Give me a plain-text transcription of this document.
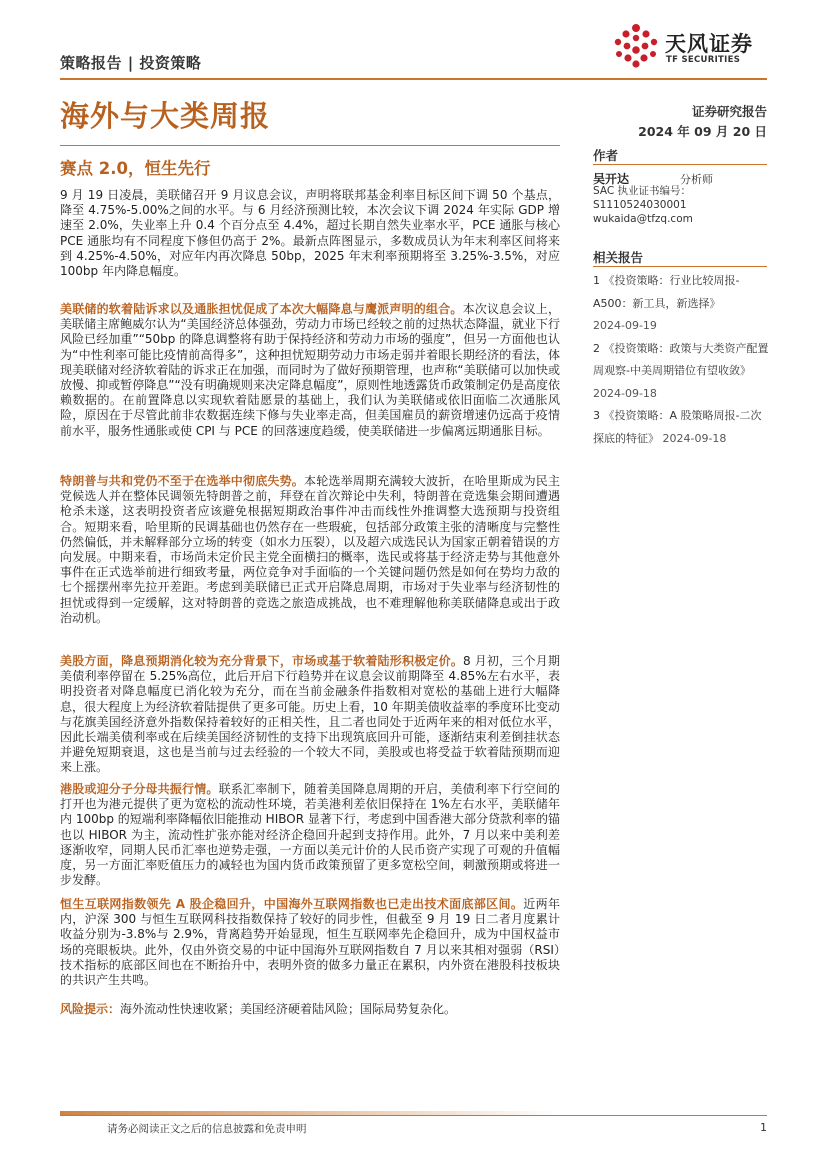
策略报告 | 投资策略
天风证券
TF SECURITIES
海外与大类周报	证券研究报告
2024 年 09 月 20 日
赛点 2.0，恒生先行
作者
吴开达	分析师
SAC 执业证书编号：
S1110524030001
wukaida@tfzq.com
相关报告

1 《投资策略：行业比较周报-A500：新工具，新选择》
2024-09-19

2 《投资策略：政策与大类资产配置周观察-中美周期错位有望收敛》  2024-09-18

3 《投资策略：A 股策略周报-二次探底的特征》 2024-09-18

9 月 19 日凌晨，美联储召开 9 月议息会议，声明将联邦基金利率目标区间下调 50 个基点，降至 4.75%-5.00%之间的水平。与 6 月经济预测比较，本次会议下调 2024 年实际 GDP 增速至 2.0%，失业率上升 0.4 个百分点至 4.4%，超过长期自然失业率水平，PCE 通胀与核心 PCE 通胀均有不同程度下修但仍高于 2%。最新点阵图显示，多数成员认为年末利率区间将来到 4.25%-4.50%，对应年内再次降息 50bp，2025 年末利率预期将至 3.25%-3.5%，对应 100bp 年内降息幅度。

美联储的软着陆诉求以及通胀担忧促成了本次大幅降息与鹰派声明的组合。本次议息会议上，美联储主席鲍威尔认为“美国经济总体强劲，劳动力市场已经较之前的过热状态降温，就业下行风险已经加重”“50bp 的降息调整将有助于保持经济和劳动力市场的强度”，但另一方面他也认为“中性利率可能比疫情前高得多”，这种担忧短期劳动力市场走弱并着眼长期经济的看法，体现美联储对经济软着陆的诉求正在加强，而同时为了做好预期管理，也声称“美联储可以加快或放慢、抑或暂停降息”“没有明确规则来决定降息幅度”，原则性地透露货币政策制定仍是高度依赖数据的。在前置降息以实现软着陆愿景的基础上，我们认为美联储或依旧面临二次通胀风险，原因在于尽管此前非农数据连续下修与失业率走高，但美国雇员的薪资增速仍远高于疫情前水平，服务性通胀或使 CPI 与 PCE 的回落速度趋缓，使美联储进一步偏离远期通胀目标。

特朗普与共和党仍不至于在选举中彻底失势。本轮选举周期充满较大波折，在哈里斯成为民主党候选人并在整体民调领先特朗普之前，拜登在首次辩论中失利，特朗普在竞选集会期间遭遇枪杀未遂，这表明投资者应该避免根据短期政治事件冲击而线性外推调整大选预期与投资组合。短期来看，哈里斯的民调基础也仍然存在一些瑕疵，包括部分政策主张的清晰度与完整性仍然偏低，并未解释部分立场的转变（如水力压裂），以及超六成选民认为国家正朝着错误的方向发展。中期来看，市场尚未定价民主党全面横扫的概率，选民或将基于经济走势与其他意外事件在正式选举前进行细致考量，两位竞争对手面临的一个关键问题仍然是如何在势均力敌的七个摇摆州率先拉开差距。考虑到美联储已正式开启降息周期，市场对于失业率与经济韧性的担忧或得到一定缓解，这对特朗普的竞选之旅造成挑战，也不难理解他称美联储降息或出于政治动机。

美股方面，降息预期消化较为充分背景下，市场或基于软着陆形积极定价。8 月初，三个月期美债利率停留在 5.25%高位，此后开启下行趋势并在议息会议前期降至 4.85%左右水平，表明投资者对降息幅度已消化较为充分，而在当前金融条件指数相对宽松的基础上进行大幅降息，很大程度上为经济软着陆提供了更多可能。历史上看，10 年期美债收益率的季度环比变动与花旗美国经济意外指数保持着较好的正相关性，且二者也同处于近两年来的相对低位水平，因此长端美债利率或在后续美国经济韧性的支持下出现筑底回升可能，逐渐结束利差倒挂状态并避免短期衰退，这也是当前与过去经验的一个较大不同，美股或也将受益于软着陆预期而迎来上涨。

港股或迎分子分母共振行情。联系汇率制下，随着美国降息周期的开启，美债利率下行空间的打开也为港元提供了更为宽松的流动性环境，若美港利差依旧保持在 1%左右水平，美联储年内 100bp 的短端利率降幅依旧能推动 HIBOR 显著下行，考虑到中国香港大部分贷款利率的锚也以 HIBOR 为主，流动性扩张亦能对经济企稳回升起到支持作用。此外，7 月以来中美利差逐渐收窄，同期人民币汇率也逆势走强，一方面以美元计价的人民币资产实现了可观的升值幅度，另一方面汇率贬值压力的减轻也为国内货币政策预留了更多宽松空间，刺激预期或将进一步发酵。

恒生互联网指数领先 A 股企稳回升，中国海外互联网指数也已走出技术面底部区间。近两年内，沪深 300 与恒生互联网科技指数保持了较好的同步性，但截至 9 月 19 日二者月度累计收益分别为-3.8%与 2.9%，背离趋势开始显现，恒生互联网率先企稳回升，成为中国权益市场的亮眼板块。此外，仅由外资交易的中证中国海外互联网指数自 7 月以来其相对强弱（RSI）技术指标的底部区间也在不断抬升中，表明外资的做多力量正在累积，内外资在港股科技板块的共识产生共鸣。

风险提示：海外流动性快速收紧；美国经济硬着陆风险；国际局势复杂化。

请务必阅读正文之后的信息披露和免责申明	1
